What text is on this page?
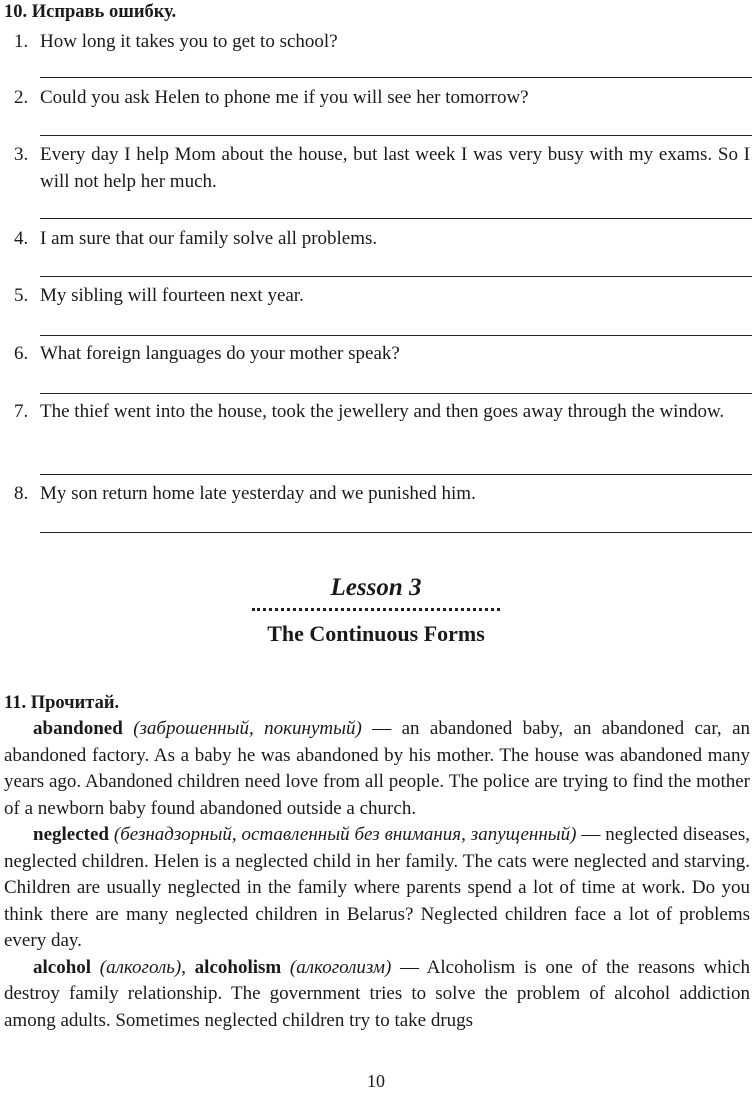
10. Исправь ошибку.
1. How long it takes you to get to school?
2. Could you ask Helen to phone me if you will see her tomorrow?
3. Every day I help Mom about the house, but last week I was very busy with my exams. So I will not help her much.
4. I am sure that our family solve all problems.
5. My sibling will fourteen next year.
6. What foreign languages do your mother speak?
7. The thief went into the house, took the jewellery and then goes away through the window.
8. My son return home late yesterday and we punished him.
Lesson 3
The Continuous Forms
11. Прочитай.

abandoned (заброшенный, покинутый) — an abandoned baby, an abandoned car, an abandoned factory. As a baby he was abandoned by his mother. The house was abandoned many years ago. Abandoned children need love from all people. The police are trying to find the mother of a newborn baby found abandoned outside a church.

neglected (безнадзорный, оставленный без внимания, запущенный) — neglected diseases, neglected children. Helen is a neglected child in her family. The cats were neglected and starving. Children are usually neglected in the family where parents spend a lot of time at work. Do you think there are many neglected children in Belarus? Neglected children face a lot of problems every day.

alcohol (алкоголь), alcoholism (алкоголизм) — Alcoholism is one of the reasons which destroy family relationship. The government tries to solve the problem of alcohol addiction among adults. Sometimes neglected children try to take drugs

10
